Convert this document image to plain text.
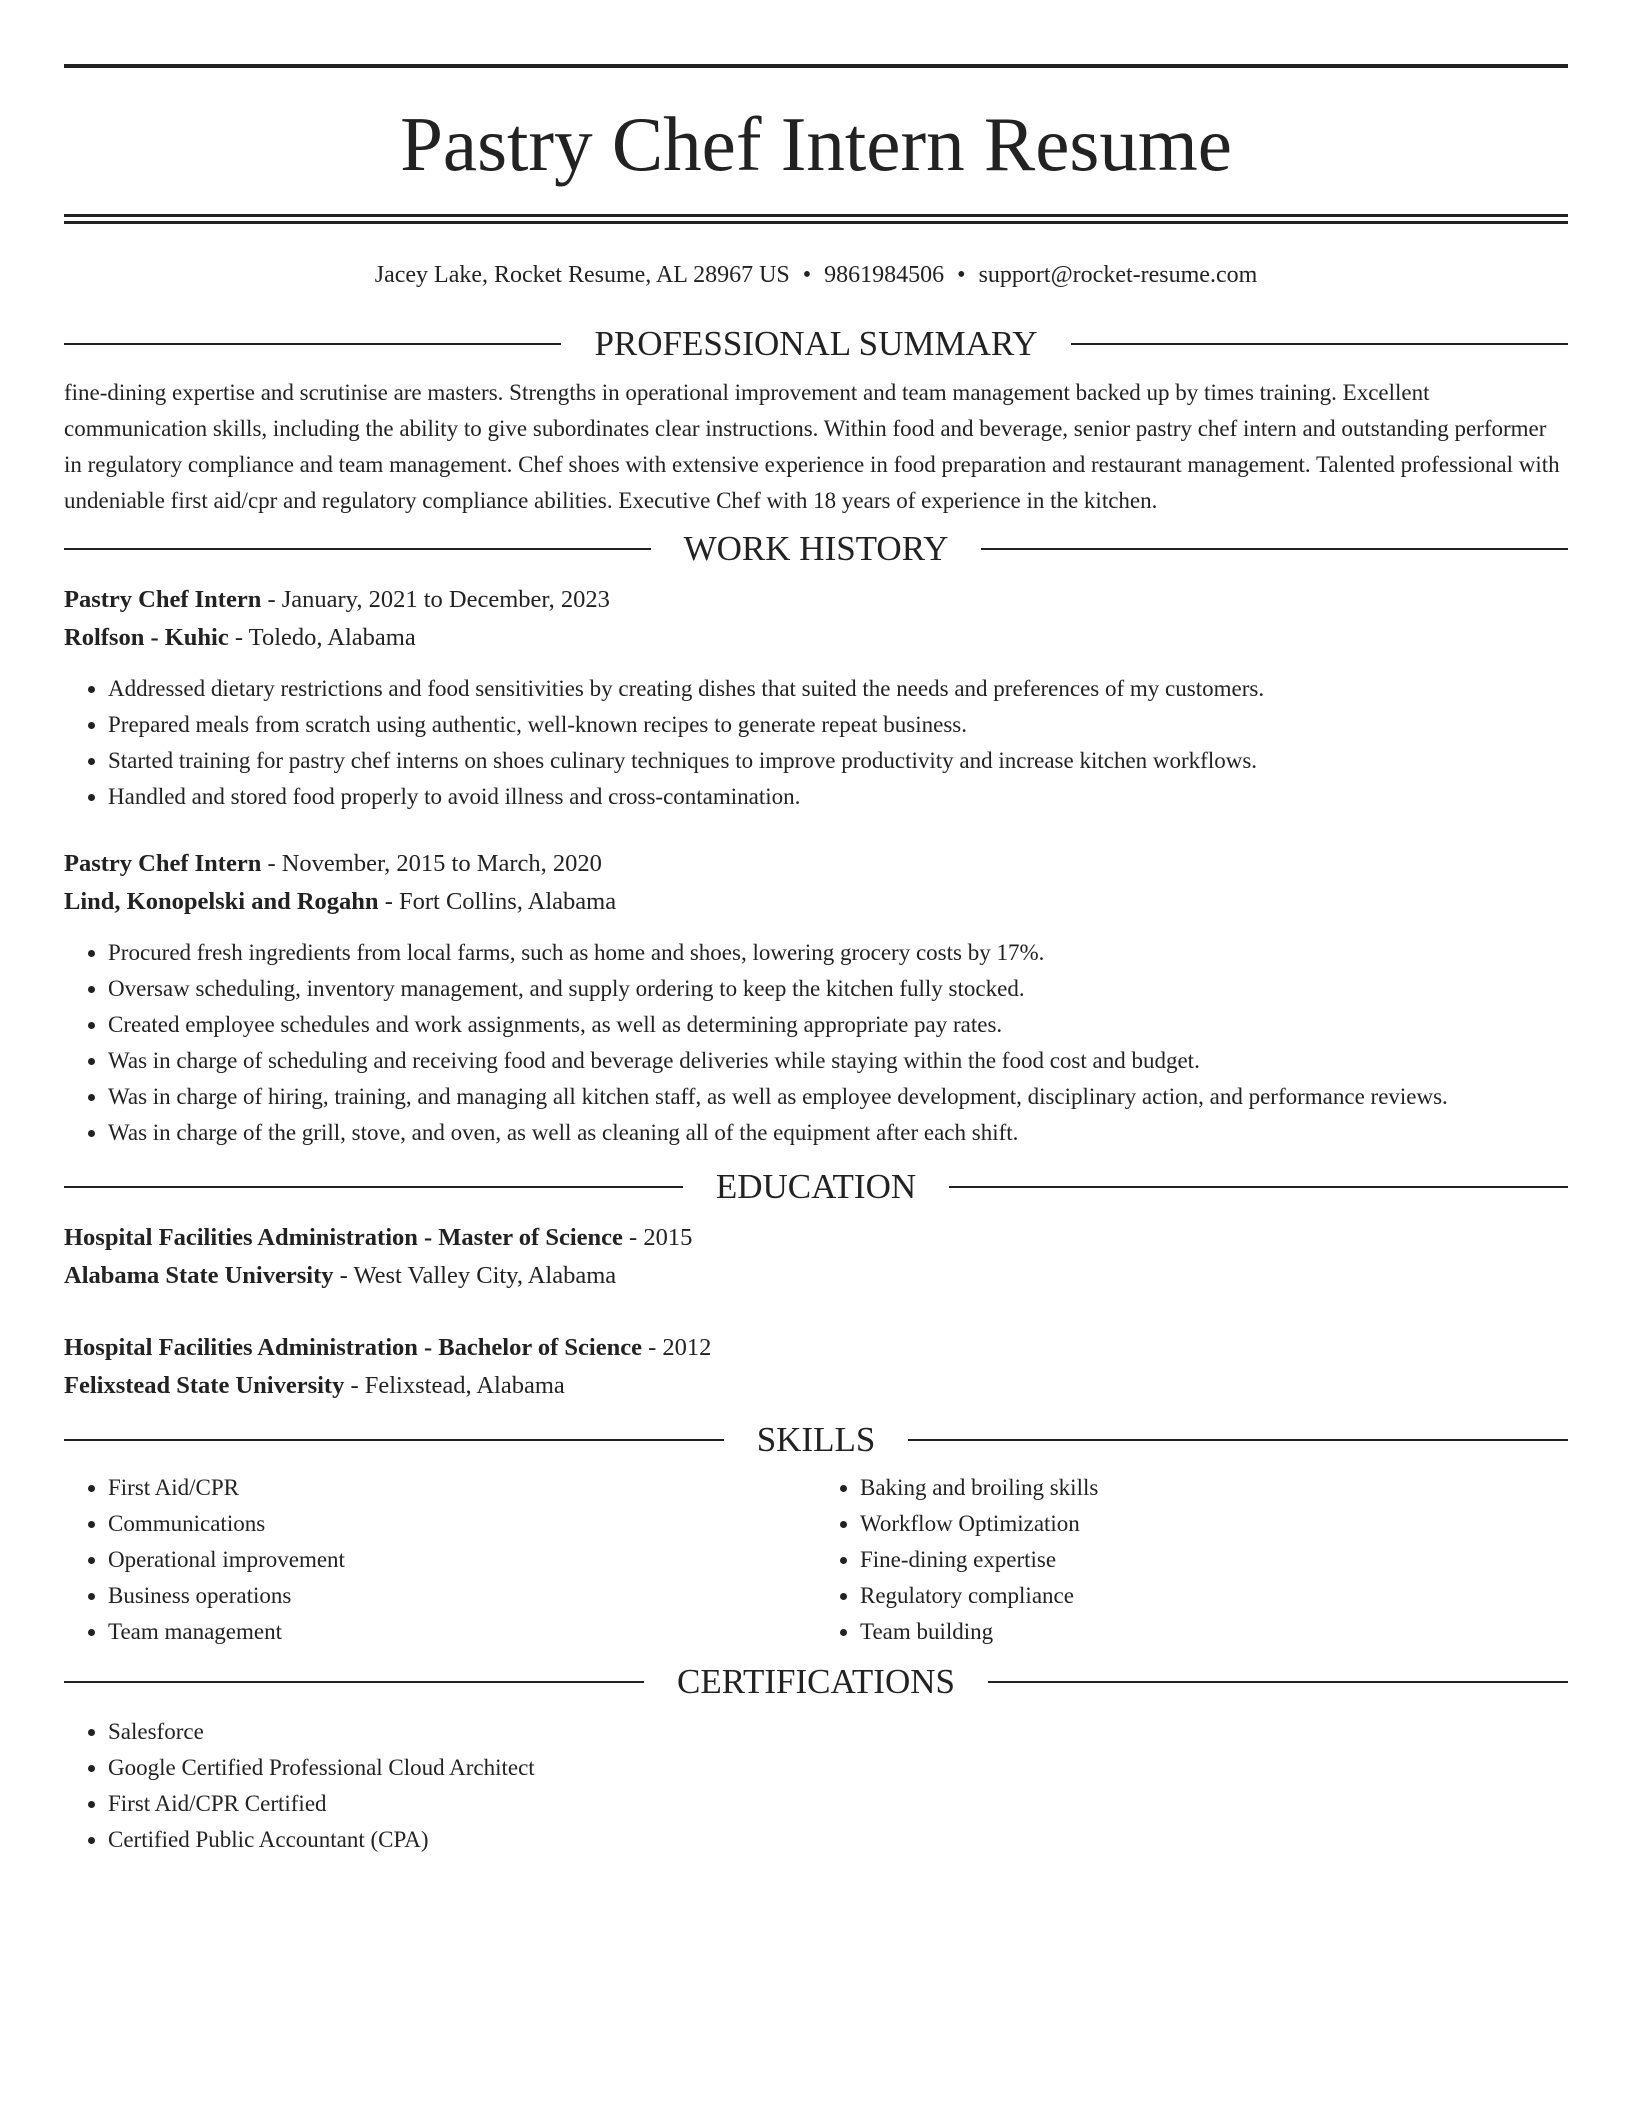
Pastry Chef Intern Resume
Jacey Lake, Rocket Resume, AL 28967 US • 9861984506 • support@rocket-resume.com
PROFESSIONAL SUMMARY

fine-dining expertise and scrutinise are masters. Strengths in operational improvement and team management backed up by times training. Excellent communication skills, including the ability to give subordinates clear instructions. Within food and beverage, senior pastry chef intern and outstanding performer in regulatory compliance and team management. Chef shoes with extensive experience in food preparation and restaurant management. Talented professional with undeniable first aid/cpr and regulatory compliance abilities. Executive Chef with 18 years of experience in the kitchen.

WORK HISTORY

Pastry Chef Intern - January, 2021 to December, 2023

Rolfson - Kuhic - Toledo, Alabama

• Addressed dietary restrictions and food sensitivities by creating dishes that suited the needs and preferences of my customers.
• Prepared meals from scratch using authentic, well-known recipes to generate repeat business.
• Started training for pastry chef interns on shoes culinary techniques to improve productivity and increase kitchen workflows.
• Handled and stored food properly to avoid illness and cross-contamination.

Pastry Chef Intern - November, 2015 to March, 2020

Lind, Konopelski and Rogahn - Fort Collins, Alabama

• Procured fresh ingredients from local farms, such as home and shoes, lowering grocery costs by 17%.
• Oversaw scheduling, inventory management, and supply ordering to keep the kitchen fully stocked.
• Created employee schedules and work assignments, as well as determining appropriate pay rates.
• Was in charge of scheduling and receiving food and beverage deliveries while staying within the food cost and budget.
• Was in charge of hiring, training, and managing all kitchen staff, as well as employee development, disciplinary action, and performance reviews.
• Was in charge of the grill, stove, and oven, as well as cleaning all of the equipment after each shift.
EDUCATION

Hospital Facilities Administration - Master of Science - 2015

Alabama State University - West Valley City, Alabama

Hospital Facilities Administration - Bachelor of Science - 2012

Felixstead State University - Felixstead, Alabama

SKILLS
• First Aid/CPR
• Communications
• Operational improvement
• Business operations
• Team management
• Baking and broiling skills
• Workflow Optimization
• Fine-dining expertise
• Regulatory compliance
• Team building
CERTIFICATIONS
• Salesforce
• Google Certified Professional Cloud Architect
• First Aid/CPR Certified
• Certified Public Accountant (CPA)
